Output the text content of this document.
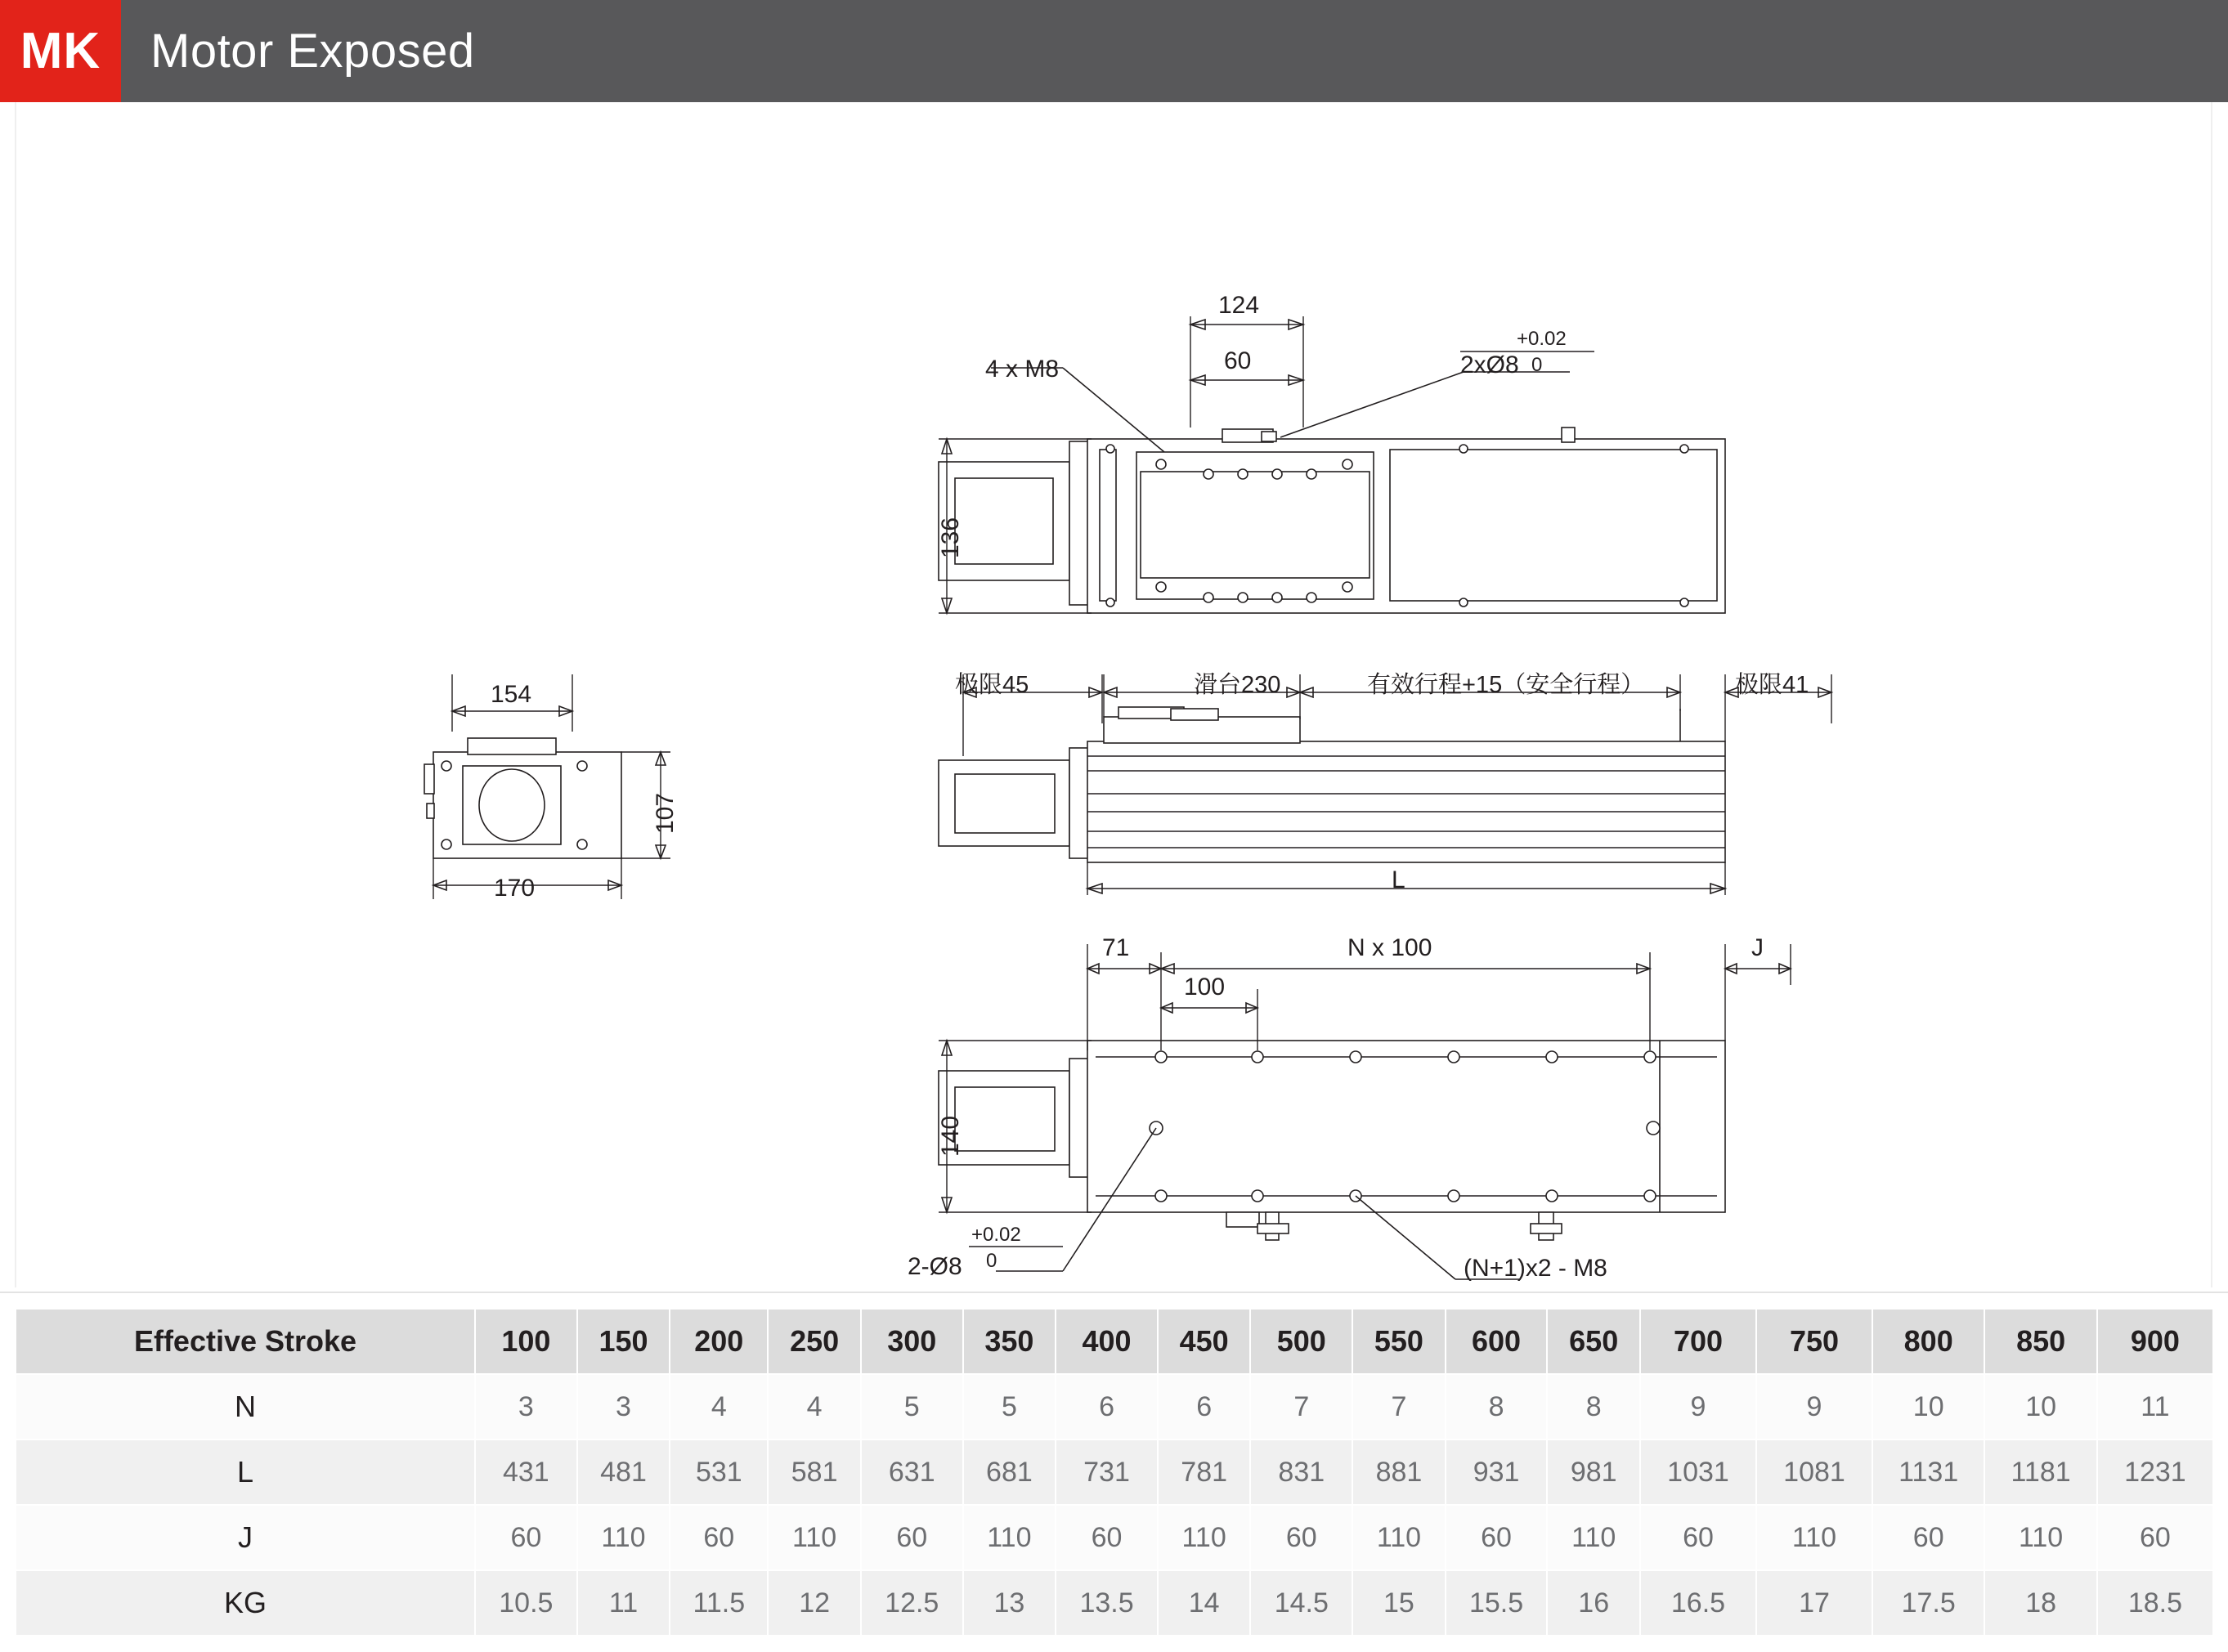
MK	Motor Exposed
124
60
136
4 x M8	2xØ8
+0.02
0
154
170
107
极限45	滑台230	有效行程+15（安全行程）	极限41
L
71
100
N x 100	J
140
2-Ø8
+0.02
0	(N+1)x2 - M8
Effective Stroke	100	150	200	250	300	350	400	450	500	550	600	650	700	750	800	850	900
N	3	3	4	4	5	5	6	6	7	7	8	8	9	9	10	10	11
L	431	481	531	581	631	681	731	781	831	881	931	981	1031	1081	1131	1181	1231
J	60	110	60	110	60	110	60	110	60	110	60	110	60	110	60	110	60
KG	10.5	11	11.5	12	12.5	13	13.5	14	14.5	15	15.5	16	16.5	17	17.5	18	18.5
